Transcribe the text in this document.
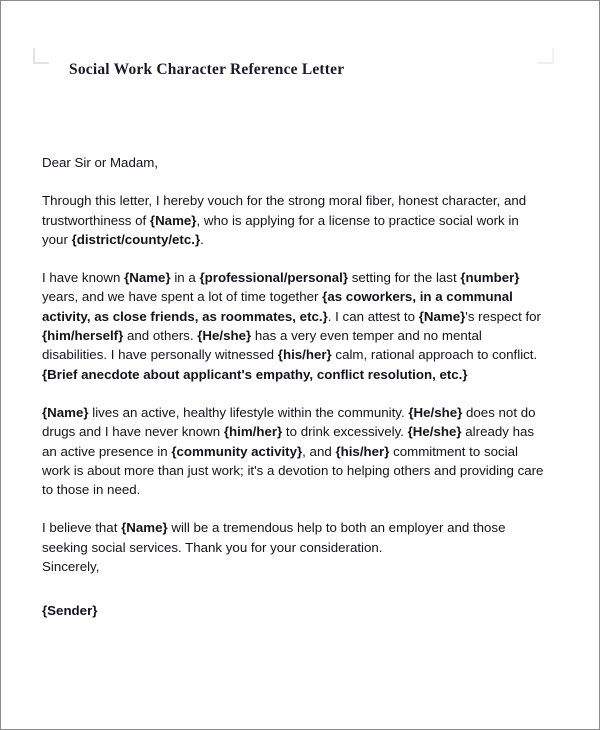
Social Work Character Reference Letter

Dear Sir or Madam,

Through this letter, I hereby vouch for the strong moral fiber, honest character, and trustworthiness of {Name}, who is applying for a license to practice social work in your {district/county/etc.}.

I have known {Name} in a {professional/personal} setting for the last {number} years, and we have spent a lot of time together {as coworkers, in a communal activity, as close friends, as roommates, etc.}. I can attest to {Name}'s respect for {him/herself} and others. {He/she} has a very even temper and no mental disabilities. I have personally witnessed {his/her} calm, rational approach to conflict. {Brief anecdote about applicant's empathy, conflict resolution, etc.}

{Name} lives an active, healthy lifestyle within the community. {He/she} does not do drugs and I have never known {him/her} to drink excessively. {He/she} already has an active presence in {community activity}, and {his/her} commitment to social work is about more than just work; it's a devotion to helping others and providing care to those in need.

I believe that {Name} will be a tremendous help to both an employer and those seeking social services. Thank you for your consideration.

Sincerely,

{Sender}
